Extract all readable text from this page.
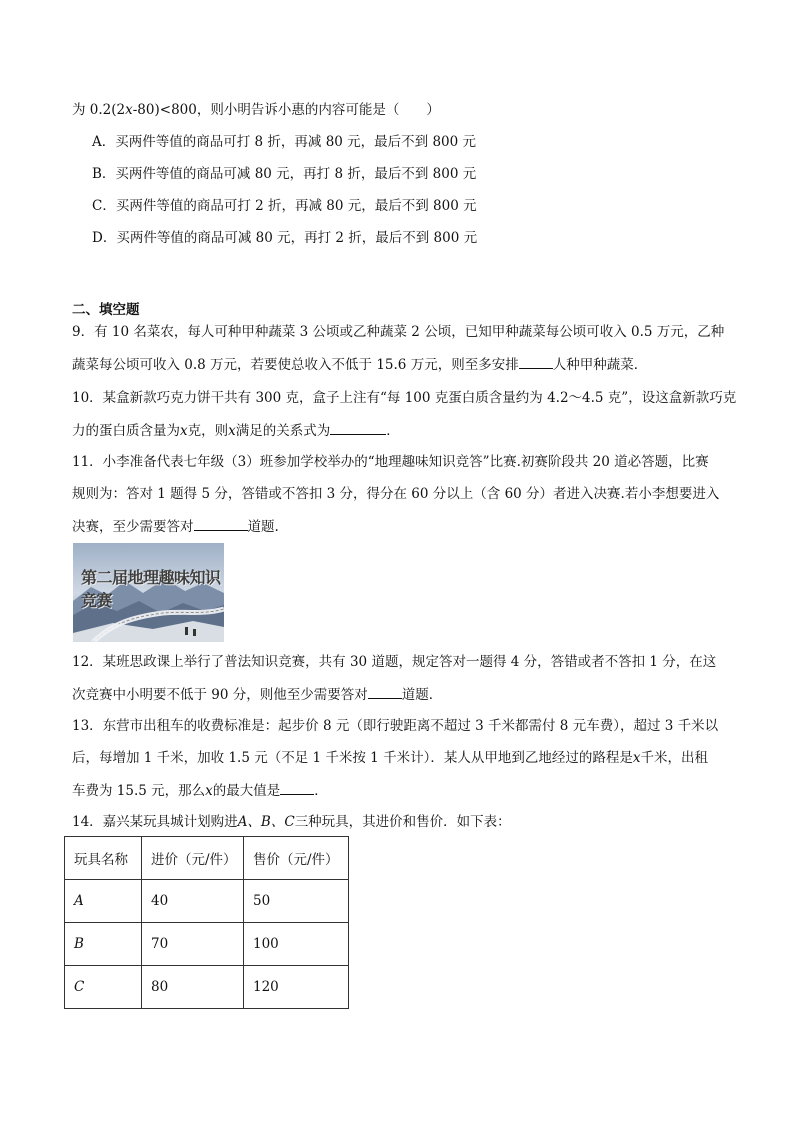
为 0.2(2x-80)<800，则小明告诉小惠的内容可能是（　　）
A．买两件等值的商品可打 8 折，再减 80 元，最后不到 800 元
B．买两件等值的商品可减 80 元，再打 8 折，最后不到 800 元
C．买两件等值的商品可打 2 折，再减 80 元，最后不到 800 元
D．买两件等值的商品可减 80 元，再打 2 折，最后不到 800 元
二、填空题
9．有 10 名菜农，每人可种甲种蔬菜 3 公顷或乙种蔬菜 2 公顷，已知甲种蔬菜每公顷可收入 0.5 万元，乙种
蔬菜每公顷可收入 0.8 万元，若要使总收入不低于 15.6 万元，则至多安排	人种甲种蔬菜．
10．某盒新款巧克力饼干共有 300 克，盒子上注有“每 100 克蛋白质含量约为 4.2～4.5 克”，设这盒新款巧克
力的蛋白质含量为x克，则x满足的关系式为	．
11．小李准备代表七年级（3）班参加学校举办的“地理趣味知识竞答”比赛.初赛阶段共 20 道必答题，比赛
规则为：答对 1 题得 5 分，答错或不答扣 3 分，得分在 60 分以上（含 60 分）者进入决赛.若小李想要进入
决赛，至少需要答对	道题.
第二届地理趣味知识竞赛
12．某班思政课上举行了普法知识竞赛，共有 30 道题，规定答对一题得 4 分，答错或者不答扣 1 分，在这
次竞赛中小明要不低于 90 分，则他至少需要答对	道题．
13．东营市出租车的收费标准是：起步价 8 元（即行驶距离不超过 3 千米都需付 8 元车费），超过 3 千米以
后，每增加 1 千米，加收 1.5 元（不足 1 千米按 1 千米计）．某人从甲地到乙地经过的路程是x千米，出租
车费为 15.5 元，那么x的最大值是	．
14．嘉兴某玩具城计划购进A、B、C三种玩具，其进价和售价．如下表：
玩具名称	进价（元/件）	售价（元/件）
A	40	50
B	70	100
C	80	120
